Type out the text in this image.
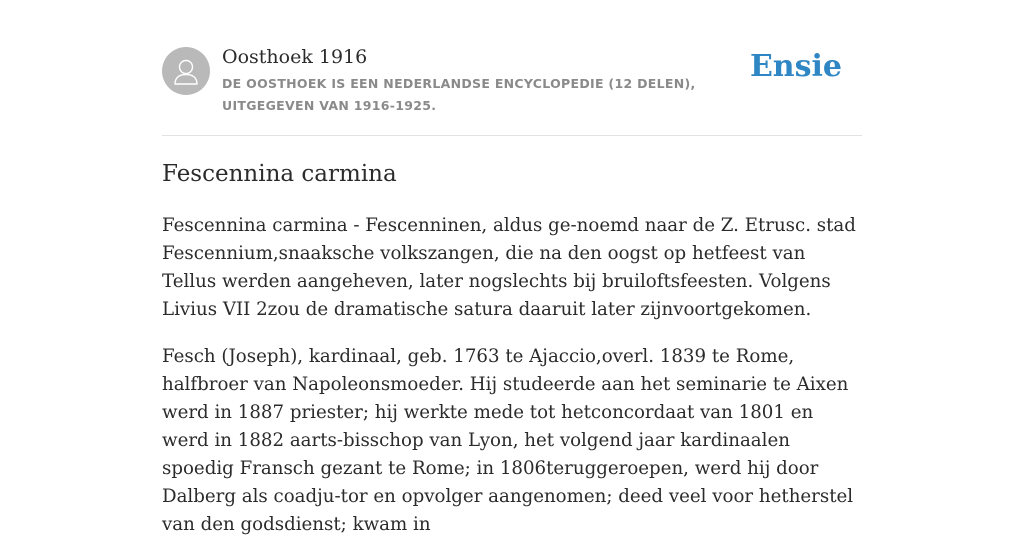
Oosthoek 1916
DE OOSTHOEK IS EEN NEDERLANDSE ENCYCLOPEDIE (12 DELEN), UITGEGEVEN VAN 1916-1925.
Ensie
Fescennina carmina

Fescennina carmina - Fescenninen, aldus ge-noemd naar de Z. Etrusc. stad Fescennium,snaaksche volkszangen, die na den oogst op hetfeest van Tellus werden aangeheven, later nogslechts bij bruiloftsfeesten. Volgens Livius VII 2zou de dramatische satura daaruit later zijnvoortgekomen.

Fesch (Joseph), kardinaal, geb. 1763 te Ajaccio,overl. 1839 te Rome, halfbroer van Napoleonsmoeder. Hij studeerde aan het seminarie te Aixen werd in 1887 priester; hij werkte mede tot hetconcordaat van 1801 en werd in 1882 aarts-bisschop van Lyon, het volgend jaar kardinaalen spoedig Fransch gezant te Rome; in 1806teruggeroepen, werd hij door Dalberg als coadju-tor en opvolger aangenomen; deed veel voor hetherstel van den godsdienst; kwam in
